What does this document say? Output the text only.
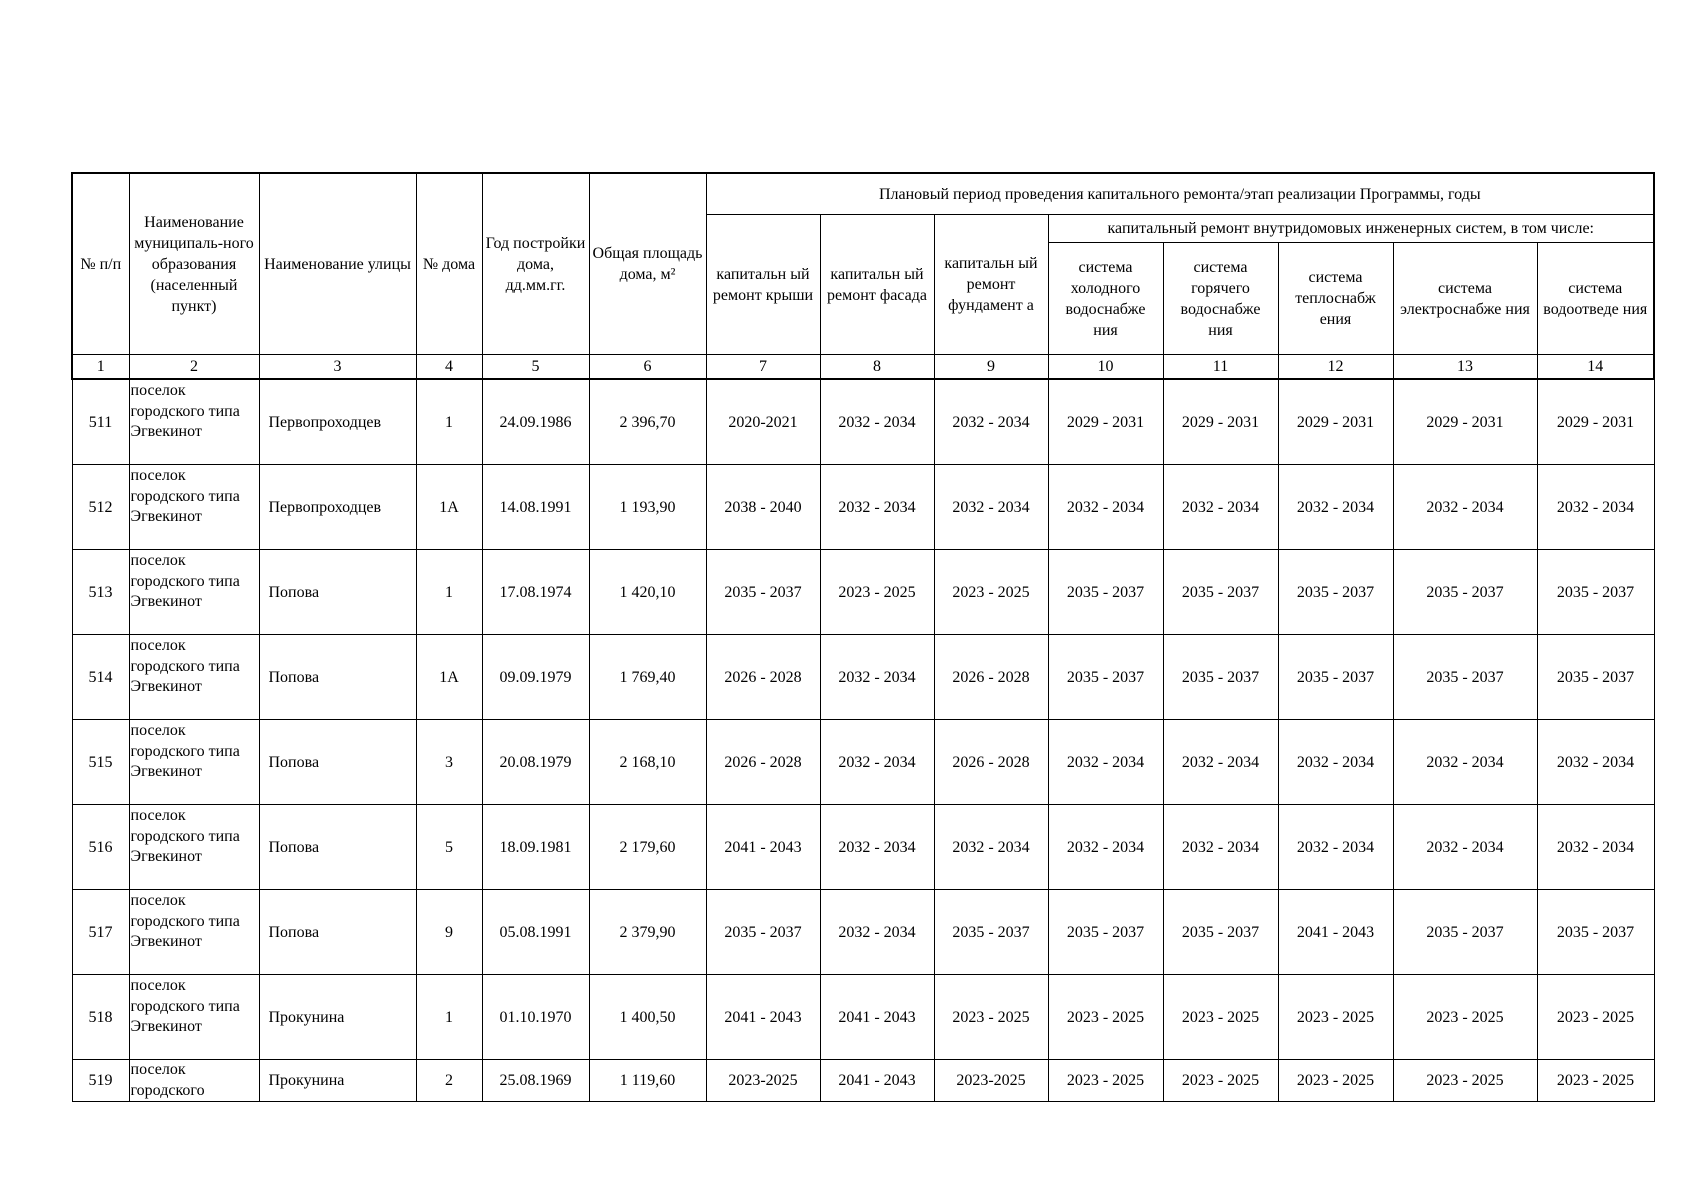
№ п/п	Наименование муниципаль-ного образования (населенный пункт)	Наименование улицы	№ дома	Год постройки дома, дд.мм.гг.	Общая площадь дома, м²	Плановый период проведения капитального ремонта/этап реализации Программы, годы							
						капитальн ый ремонт крыши	капитальн ый ремонт фасада	капитальн ый ремонт фундамент а	капитальный ремонт внутридомовых инженерных систем, в том числе:				
									система холодного водоснабже ния	система горячего водоснабже ния	система теплоснабж ения	система электроснабже ния	система водоотведе ния
1	2	3	4	5	6	7	8	9	10	11	12	13	14
511	поселок городского типа Эгвекинот	Первопроходцев	1	24.09.1986	2 396,70	2020-2021	2032 - 2034	2032 - 2034	2029 - 2031	2029 - 2031	2029 - 2031	2029 - 2031	2029 - 2031
512	поселок городского типа Эгвекинот	Первопроходцев	1А	14.08.1991	1 193,90	2038 - 2040	2032 - 2034	2032 - 2034	2032 - 2034	2032 - 2034	2032 - 2034	2032 - 2034	2032 - 2034
513	поселок городского типа Эгвекинот	Попова	1	17.08.1974	1 420,10	2035 - 2037	2023 - 2025	2023 - 2025	2035 - 2037	2035 - 2037	2035 - 2037	2035 - 2037	2035 - 2037
514	поселок городского типа Эгвекинот	Попова	1А	09.09.1979	1 769,40	2026 - 2028	2032 - 2034	2026 - 2028	2035 - 2037	2035 - 2037	2035 - 2037	2035 - 2037	2035 - 2037
515	поселок городского типа Эгвекинот	Попова	3	20.08.1979	2 168,10	2026 - 2028	2032 - 2034	2026 - 2028	2032 - 2034	2032 - 2034	2032 - 2034	2032 - 2034	2032 - 2034
516	поселок городского типа Эгвекинот	Попова	5	18.09.1981	2 179,60	2041 - 2043	2032 - 2034	2032 - 2034	2032 - 2034	2032 - 2034	2032 - 2034	2032 - 2034	2032 - 2034
517	поселок городского типа Эгвекинот	Попова	9	05.08.1991	2 379,90	2035 - 2037	2032 - 2034	2035 - 2037	2035 - 2037	2035 - 2037	2041 - 2043	2035 - 2037	2035 - 2037
518	поселок городского типа Эгвекинот	Прокунина	1	01.10.1970	1 400,50	2041 - 2043	2041 - 2043	2023 - 2025	2023 - 2025	2023 - 2025	2023 - 2025	2023 - 2025	2023 - 2025
519	поселок городского	Прокунина	2	25.08.1969	1 119,60	2023-2025	2041 - 2043	2023-2025	2023 - 2025	2023 - 2025	2023 - 2025	2023 - 2025	2023 - 2025
